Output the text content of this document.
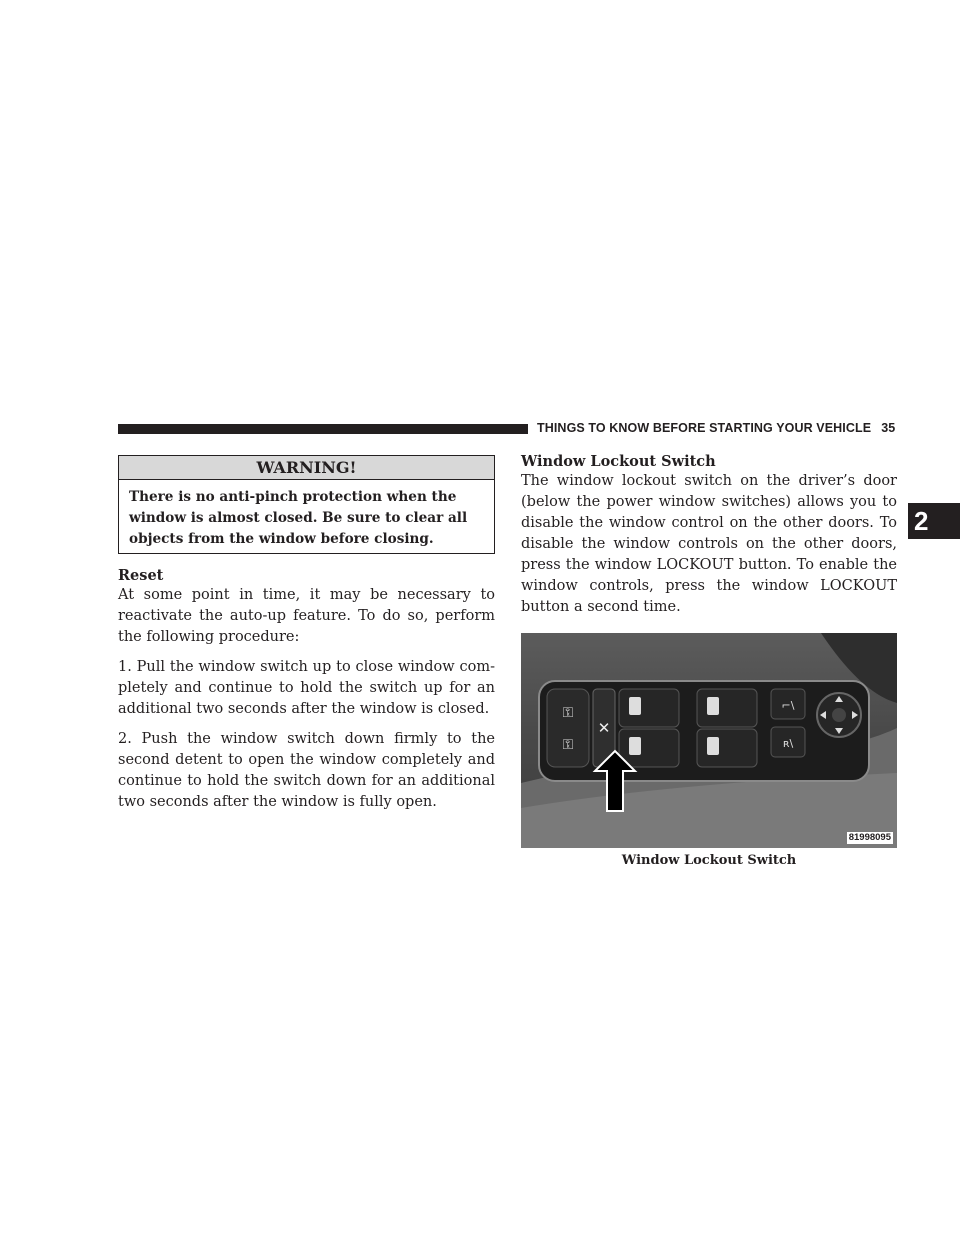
THINGS TO KNOW BEFORE STARTING YOUR VEHICLE 35
2
WARNING!
There is no anti-pinch protection when the window is almost closed. Be sure to clear all objects from the window before closing.

Reset

At some point in time, it may be necessary to reactivate the auto-up feature. To do so, perform the following procedure:

1. Pull the window switch up to close window com-pletely and continue to hold the switch up for an additional two seconds after the window is closed.

2. Push the window switch down firmly to the second detent to open the window completely and continue to hold the switch down for an additional two seconds after the window is fully open.

Window Lockout Switch

The window lockout switch on the driver’s door (below the power window switches) allows you to disable the window control on the other doors. To disable the window controls on the other doors, press the window LOCKOUT button. To enable the window controls, press the window LOCKOUT button a second time.

⚿
⚿
✕
⌐\
ʀ\
81998095
Window Lockout Switch
